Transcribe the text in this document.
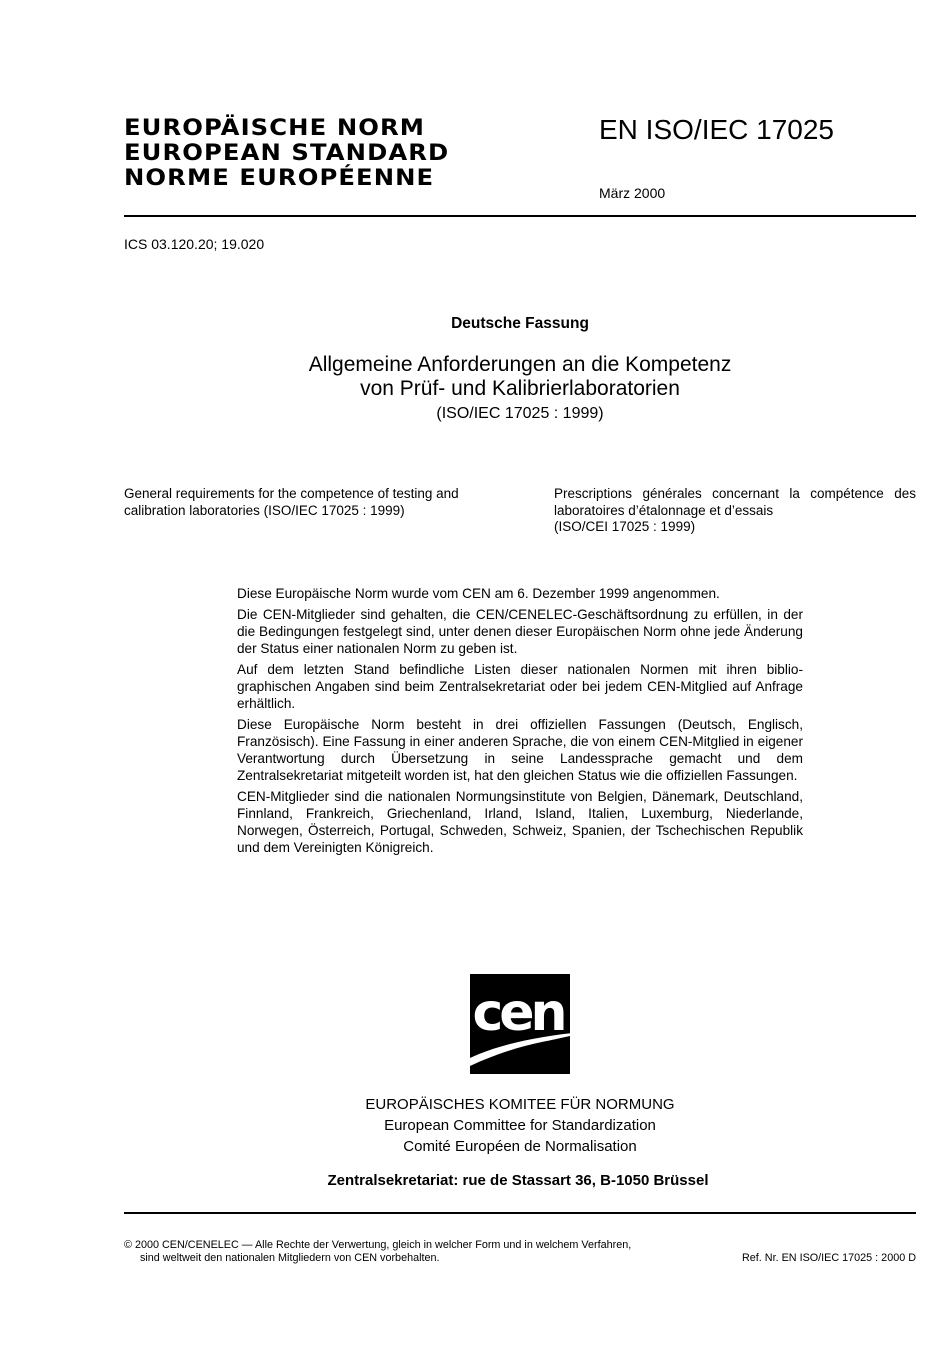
EUROPÄISCHE NORM
EUROPEAN STANDARD
NORME EUROPÉENNE
EN ISO/IEC 17025
März 2000
ICS 03.120.20; 19.020
Deutsche Fassung
Allgemeine Anforderungen an die Kompetenz
von Prüf- und Kalibrierlaboratorien
(ISO/IEC 17025 : 1999)
General requirements for the competence of testing and calibration laboratories (ISO/IEC 17025 : 1999)
Prescriptions générales concernant la compétence des laboratoires d’étalonnage et d’essais
(ISO/CEI 17025 : 1999)

Diese Europäische Norm wurde vom CEN am 6. Dezember 1999 angenommen.

Die CEN-Mitglieder sind gehalten, die CEN/CENELEC-Geschäftsordnung zu erfüllen, in der die Bedingungen festgelegt sind, unter denen dieser Europäischen Norm ohne jede Änderung der Status einer nationalen Norm zu geben ist.

Auf dem letzten Stand befindliche Listen dieser nationalen Normen mit ihren bibliographischen Angaben sind beim Zentralsekretariat oder bei jedem CEN-Mitglied auf Anfrage erhältlich.

Diese Europäische Norm besteht in drei offiziellen Fassungen (Deutsch, Englisch, Französisch). Eine Fassung in einer anderen Sprache, die von einem CEN-Mitglied in eigener Verantwortung durch Übersetzung in seine Landessprache gemacht und dem Zentralsekretariat mitgeteilt worden ist, hat den gleichen Status wie die offiziellen Fassungen.

CEN-Mitglieder sind die nationalen Normungsinstitute von Belgien, Dänemark, Deutschland, Finnland, Frankreich, Griechenland, Irland, Island, Italien, Luxemburg, Niederlande, Norwegen, Österreich, Portugal, Schweden, Schweiz, Spanien, der Tschechischen Republik und dem Vereinigten Königreich.

cen
EUROPÄISCHES KOMITEE FÜR NORMUNG
European Committee for Standardization
Comité Européen de Normalisation
Zentralsekretariat: rue de Stassart 36, B-1050 Brüssel
© 2000 CEN/CENELEC — Alle Rechte der Verwertung, gleich in welcher Form und in welchem Verfahren,
sind weltweit den nationalen Mitgliedern von CEN vorbehalten.	Ref. Nr. EN ISO/IEC 17025 : 2000 D
